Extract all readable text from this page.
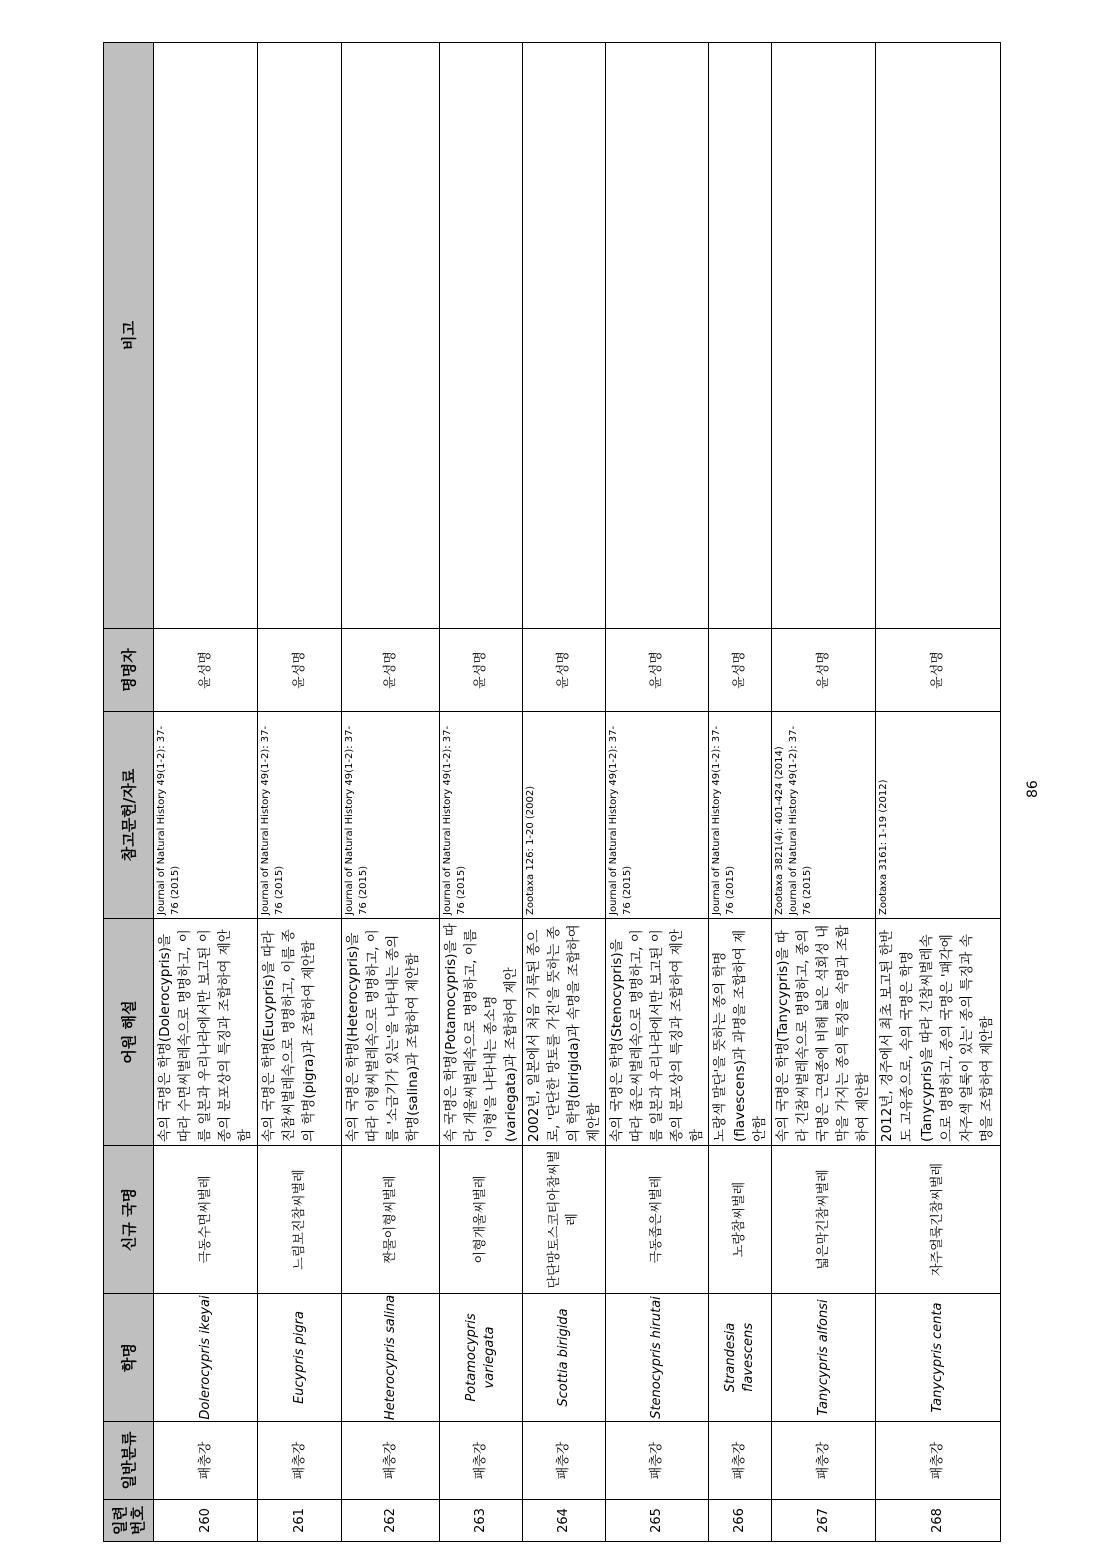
일련
번호	일반분류	학명	신규 국명	어원 해설	참고문헌/자료	명명자	비고
260	패충강	Dolerocypris ikeyai	극동수면씨벌레	속의 국명은 학명(Dolerocypris)을 따라 수면씨벌레속으로 명명하고, 이름 일본과 우리나라에서만 보고된 이 종의 분포상의 특징과 조합하여 제안함	Journal of Natural History 49(1-2): 37-76 (2015)	윤성명	
261	패충강	Eucypris pigra	느림보진참씨벌레	속의 국명은 학명(Eucypris)을 따라 진참씨벌레속으로 명명하고, 이름 종의 학명(pigra)과 조합하여 제안함	Journal of Natural History 49(1-2): 37-76 (2015)	윤성명	
262	패충강	Heterocypris salina	짠물이형씨벌레	속의 국명은 학명(Heterocypris)을 따라 이형씨벌레속으로 명명하고, 이름 '소금기가 있는'을 나타내는 종의 학명(salina)과 조합하여 제안함	Journal of Natural History 49(1-2): 37-76 (2015)	윤성명	
263	패충강	Potamocypris variegata	이형개울씨벌레	속 국명은 학명(Potamocypris)을 따라 개울씨벌레속으로 명명하고, 이름 '이형'을 나타내는 종소명(variegata)과 조합하여 제안	Journal of Natural History 49(1-2): 37-76 (2015)	윤성명	
264	패충강	Scottia birigida	단단망토스코티아참씨벌레	2002년, 일본에서 처음 기록된 종으로, '단단한 망토를 가진'을 뜻하는 종의 학명(birigida)과 속명을 조합하여 제안함	Zootaxa 126: 1-20 (2002)	윤성명	
265	패충강	Stenocypris hirutai	극동좁은씨벌레	속의 국명은 학명(Stenocypris)을 따라 좁은씨벌레속으로 명명하고, 이름 일본과 우리나라에서만 보고된 이 종의 분포상의 특징과 조합하여 제안함	Journal of Natural History 49(1-2): 37-76 (2015)	윤성명	
266	패충강	Strandesia flavescens	노랑참씨벌레	노랑색 말단'을 뜻하는 종의 학명(flavescens)과 과명을 조합하여 제안함	Journal of Natural History 49(1-2): 37-76 (2015)	윤성명	
267	패충강	Tanycypris alfonsi	넓은막긴참씨벌레	속의 국명은 학명(Tanycypris)을 따라 긴참씨벌레속으로 명명하고, 종의 국명은 근연종에 비해 넓은 석회성 내막을 가지는 종의 특징을 속명과 조합하여 제안함	Zootaxa 3821(4): 401-424 (2014) Journal of Natural History 49(1-2): 37-76 (2015)	윤성명	
268	패충강	Tanycypris centa	자주얼룩긴참씨벌레	2012년, 경주에서 최초 보고된 한반도 고유종으로, 속의 국명은 학명(Tanycypris)을 따라 긴참씨벌레속으로 명명하고, 종의 국명은 '패각에 자주색 얼룩이 있는' 종의 특징과 속명을 조합하여 제안함	Zootaxa 3161: 1-19 (2012)	윤성명	
86
